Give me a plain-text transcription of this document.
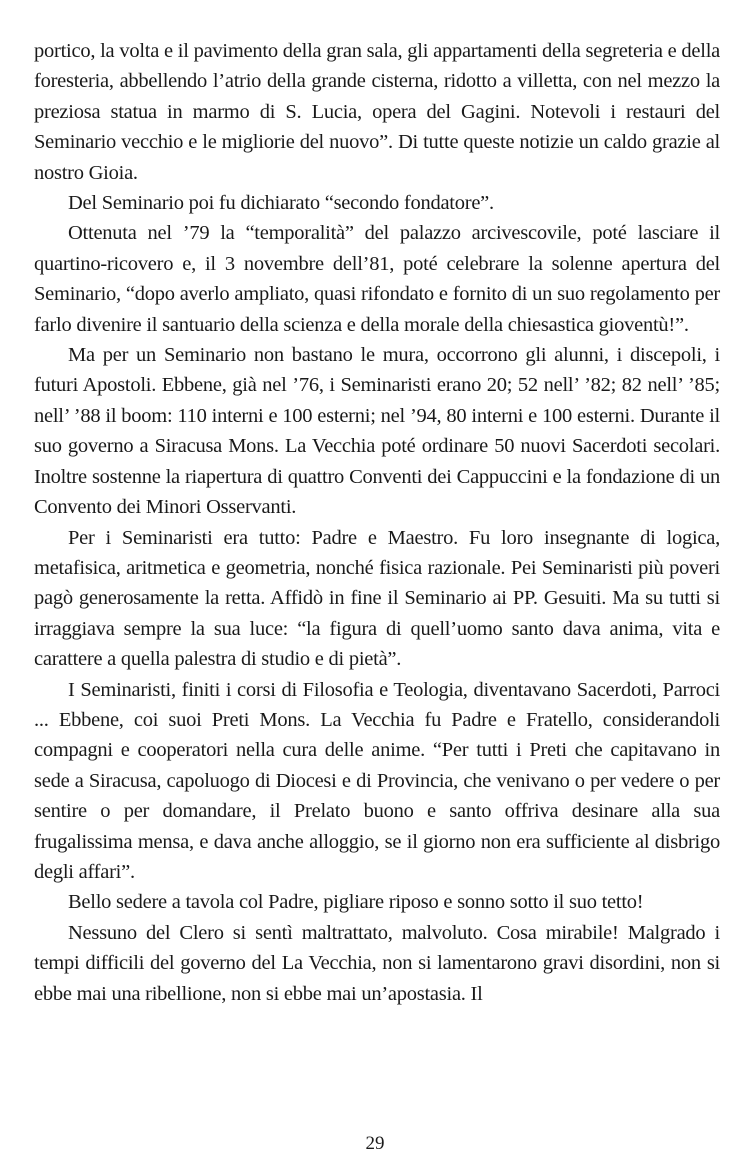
portico, la volta e il pavimento della gran sala, gli appartamenti della segreteria e della foresteria, abbellendo l’atrio della grande cisterna, ridotto a villetta, con nel mezzo la preziosa statua in marmo di S. Lucia, opera del Gagini. Notevoli i restauri del Seminario vecchio e le migliorie del nuovo”. Di tutte queste notizie un caldo grazie al nostro Gioia.

Del Seminario poi fu dichiarato “secondo fondatore”.

Ottenuta nel ’79 la “temporalità” del palazzo arcivescovile, poté lasciare il quartino-ricovero e, il 3 novembre dell’81, poté celebrare la solenne apertura del Seminario, “dopo averlo ampliato, quasi rifondato e fornito di un suo regolamento per farlo divenire il santuario della scienza e della morale della chiesastica gioventù!”.

Ma per un Seminario non bastano le mura, occorrono gli alunni, i discepoli, i futuri Apostoli. Ebbene, già nel ’76, i Seminaristi erano 20; 52 nell’ ’82; 82 nell’ ’85; nell’ ’88 il boom: 110 interni e 100 esterni; nel ’94, 80 interni e 100 esterni. Durante il suo governo a Siracusa Mons. La Vecchia poté ordinare 50 nuovi Sacerdoti secolari. Inoltre sostenne la riapertura di quattro Conventi dei Cappuccini e la fondazione di un Convento dei Minori Osservanti.

Per i Seminaristi era tutto: Padre e Maestro. Fu loro insegnante di logica, metafisica, aritmetica e geometria, nonché fisica razionale. Pei Seminaristi più poveri pagò generosamente la retta. Affidò in fine il Seminario ai PP. Gesuiti. Ma su tutti si irraggiava sempre la sua luce: “la figura di quell’uomo santo dava anima, vita e carattere a quella palestra di studio e di pietà”.

I Seminaristi, finiti i corsi di Filosofia e Teologia, diventavano Sacerdoti, Parroci ... Ebbene, coi suoi Preti Mons. La Vecchia fu Padre e Fratello, considerandoli compagni e cooperatori nella cura delle anime. “Per tutti i Preti che capitavano in sede a Siracusa, capoluogo di Diocesi e di Provincia, che venivano o per vedere o per sentire o per domandare, il Prelato buono e santo offriva desinare alla sua frugalissima mensa, e dava anche alloggio, se il giorno non era sufficiente al disbrigo degli affari”.

Bello sedere a tavola col Padre, pigliare riposo e sonno sotto il suo tetto!

Nessuno del Clero si sentì maltrattato, malvoluto. Cosa mirabile! Malgrado i tempi difficili del governo del La Vecchia, non si lamentarono gravi disordini, non si ebbe mai una ribellione, non si ebbe mai un’apostasia. Il

29
